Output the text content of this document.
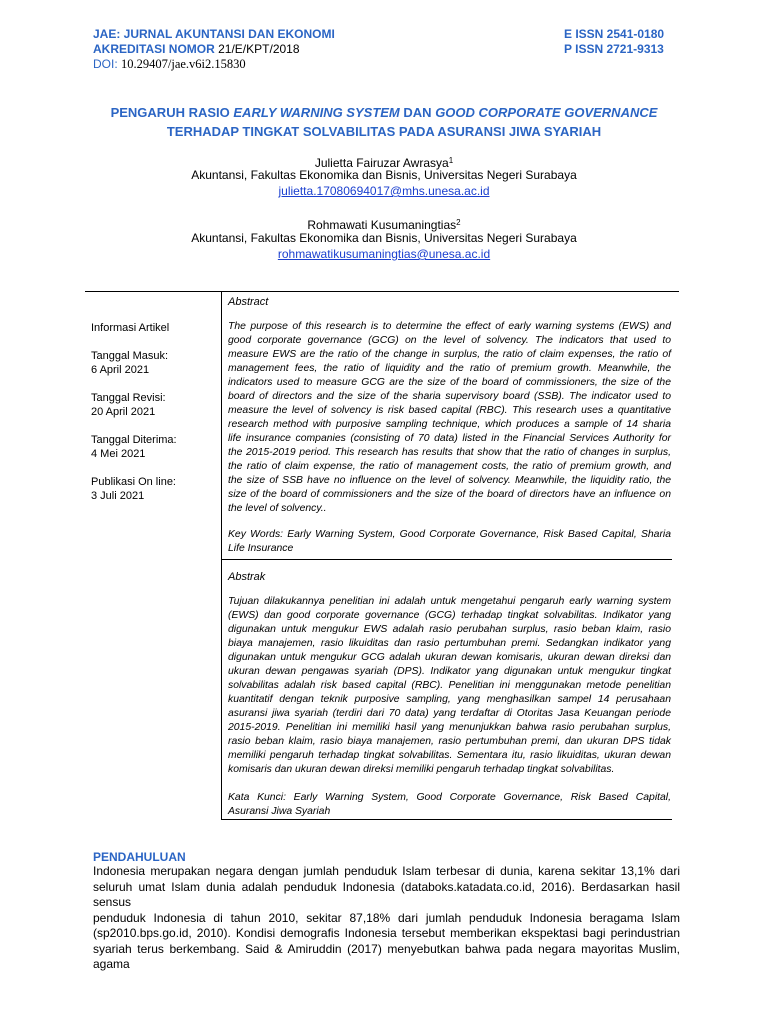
JAE: JURNAL AKUNTANSI DAN EKONOMI
AKREDITASI NOMOR 21/E/KPT/2018
DOI: 10.29407/jae.v6i2.15830
E ISSN 2541-0180
P ISSN 2721-9313
PENGARUH RASIO EARLY WARNING SYSTEM DAN GOOD CORPORATE GOVERNANCE
TERHADAP TINGKAT SOLVABILITAS PADA ASURANSI JIWA SYARIAH
Julietta Fairuzar Awrasya$^1$
Akuntansi, Fakultas Ekonomika dan Bisnis, Universitas Negeri Surabaya
julietta.17080694017@mhs.unesa.ac.id
Rohmawati Kusumaningtias$^2$
Akuntansi, Fakultas Ekonomika dan Bisnis, Universitas Negeri Surabaya
rohmawatikusumaningtias@unesa.ac.id
Informasi Artikel
Tanggal Masuk:
6 April 2021
Tanggal Revisi:
20 April 2021
Tanggal Diterima:
4 Mei 2021
Publikasi On line:
3 Juli 2021
Abstract
The purpose of this research is to determine the effect of early warning systems (EWS) and
good corporate governance (GCG) on the level of solvency. The indicators that used to
measure EWS are the ratio of the change in surplus, the ratio of claim expenses, the ratio of
management fees, the ratio of liquidity and the ratio of premium growth. Meanwhile, the
indicators used to measure GCG are the size of the board of commissioners, the size of the
board of directors and the size of the sharia supervisory board (SSB). The indicator used to
measure the level of solvency is risk based capital (RBC). This research uses a quantitative
research method with purposive sampling technique, which produces a sample of 14 sharia
life insurance companies (consisting of 70 data) listed in the Financial Services Authority for
the 2015-2019 period. This research has results that show that the ratio of changes in surplus,
the ratio of claim expense, the ratio of management costs, the ratio of premium growth, and
the size of SSB have no influence on the level of solvency. Meanwhile, the liquidity ratio, the
size of the board of commissioners and the size of the board of directors have an influence on
the level of solvency..
Key Words: Early Warning System, Good Corporate Governance, Risk Based Capital, Sharia
Life Insurance
Abstrak
Tujuan dilakukannya penelitian ini adalah untuk mengetahui pengaruh early warning system
(EWS) dan good corporate governance (GCG) terhadap tingkat solvabilitas. Indikator yang
digunakan untuk mengukur EWS adalah rasio perubahan surplus, rasio beban klaim, rasio
biaya manajemen, rasio likuiditas dan rasio pertumbuhan premi. Sedangkan indikator yang
digunakan untuk mengukur GCG adalah ukuran dewan komisaris, ukuran dewan direksi dan
ukuran dewan pengawas syariah (DPS). Indikator yang digunakan untuk mengukur tingkat
solvabilitas adalah risk based capital (RBC). Penelitian ini menggunakan metode penelitian
kuantitatif dengan teknik purposive sampling, yang menghasilkan sampel 14 perusahaan
asuransi jiwa syariah (terdiri dari 70 data) yang terdaftar di Otoritas Jasa Keuangan periode
2015-2019. Penelitian ini memiliki hasil yang menunjukkan bahwa rasio perubahan surplus,
rasio beban klaim, rasio biaya manajemen, rasio pertumbuhan premi, dan ukuran DPS tidak
memiliki pengaruh terhadap tingkat solvabilitas. Sementara itu, rasio likuiditas, ukuran dewan
komisaris dan ukuran dewan direksi memiliki pengaruh terhadap tingkat solvabilitas.
Kata Kunci: Early Warning System, Good Corporate Governance, Risk Based Capital,
Asuransi Jiwa Syariah
PENDAHULUAN
Indonesia merupakan negara dengan jumlah penduduk Islam terbesar di dunia, karena sekitar 13,1% dari
seluruh umat Islam dunia adalah penduduk Indonesia (databoks.katadata.co.id, 2016). Berdasarkan hasil sensus
penduduk Indonesia di tahun 2010, sekitar 87,18% dari jumlah penduduk Indonesia beragama Islam
(sp2010.bps.go.id, 2010). Kondisi demografis Indonesia tersebut memberikan ekspektasi bagi perindustrian
syariah terus berkembang. Said & Amiruddin (2017) menyebutkan bahwa pada negara mayoritas Muslim, agama
